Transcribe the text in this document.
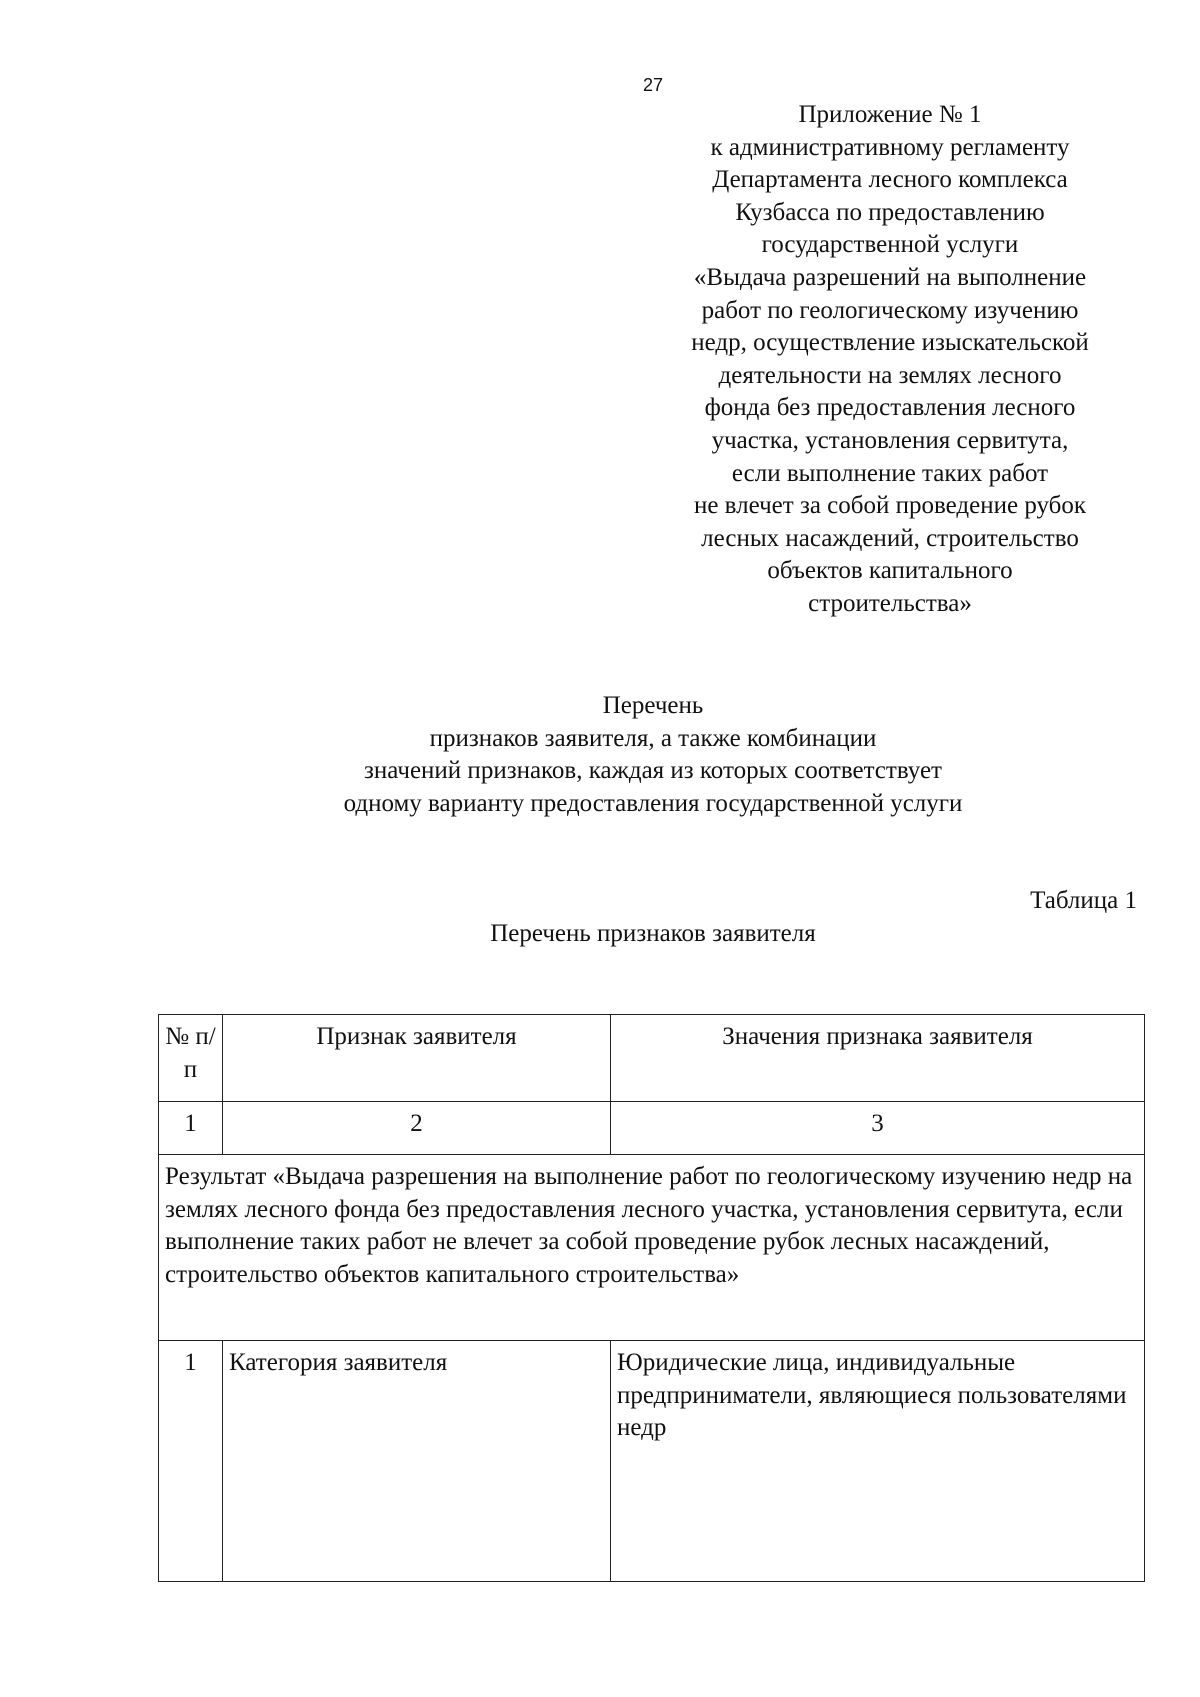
27
Приложение № 1
к административному регламенту
Департамента лесного комплекса
Кузбасса по предоставлению
государственной услуги
«Выдача разрешений на выполнение
работ по геологическому изучению
недр, осуществление изыскательской
деятельности на землях лесного
фонда без предоставления лесного
участка, установления сервитута,
если выполнение таких работ
не влечет за собой проведение рубок
лесных насаждений, строительство
объектов капитального
строительства»
Перечень
признаков заявителя, а также комбинации
значений признаков, каждая из которых соответствует
одному варианту предоставления государственной услуги
Таблица 1
Перечень признаков заявителя
№ п/п	Признак заявителя	Значения признака заявителя
1	2	3
Результат «Выдача разрешения на выполнение работ по геологическому изучению недр на землях лесного фонда без предоставления лесного участка, установления сервитута, если выполнение таких работ не влечет за собой проведение рубок лесных насаждений, строительство объектов капитального строительства»		
1	Категория заявителя	Юридические лица, индивидуальные предприниматели, являющиеся пользователями недр
